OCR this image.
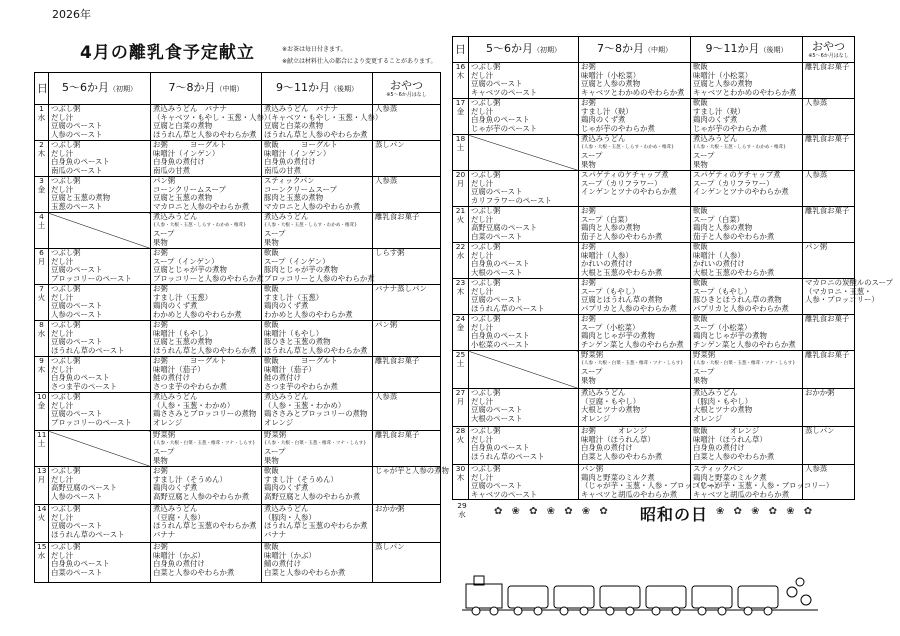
2026年
4月の離乳食予定献立	※お茶は毎日付きます。
※献立は材料仕入の都合により変更することがあります。
日	5～6か月（初期）	7～8か月（中期）	9～11か月（後期）	おやつ
※5～6か月はなし

1
水	つぶし粥
だし汁
豆腐のペースト
人参のペースト	煮込みうどん　バナナ
（キャベツ・もやし・玉葱・人参）
豆腐と白菜の煮物
ほうれん草と人参のやわらか煮	煮込みうどん　バナナ
（キャベツ・もやし・玉葱・人参）
豆腐と白菜の煮物
ほうれん草と人参のやわらか煮	人参蒸

2
木	つぶし粥
だし汁
白身魚のペースト
南瓜のペースト	お粥　　　ヨーグルト
味噌汁（インゲン）
白身魚の煮付け
南瓜の甘煮	軟飯　　　ヨーグルト
味噌汁（インゲン）
白身魚の煮付け
南瓜の甘煮	蒸しパン

3
金	つぶし粥
だし汁
豆腐と玉葱の煮物
玉葱のペースト	パン粥
コーンクリームスープ
豆腐と玉葱の煮物
マカロニと人参のやわらか煮	スティックパン
コーンクリームスープ
豚肉と玉葱の煮物
マカロニと人参のやわらか煮	人参蒸

4
土		煮込みうどん
{人参・大根・玉葱・しらす・わかめ・椎茸}
スープ
果物	煮込みうどん
{人参・大根・玉葱・しらす・わかめ・椎茸}
スープ
果物	離乳食お菓子

6
月	つぶし粥
だし汁
豆腐のペースト
ブロッコリーのペースト	お粥
スープ（インゲン）
豆腐とじゃが芋の煮物
ブロッコリーと人参のやわらか煮	軟飯
スープ（インゲン）
豚肉とじゃが芋の煮物
ブロッコリーと人参のやわらか煮	しらす粥

7
火	つぶし粥
だし汁
豆腐のペースト
人参のペースト	お粥
すまし汁（玉葱）
鶏肉のくず煮
わかめと人参のやわらか煮	軟飯
すまし汁（玉葱）
鶏肉のくず煮
わかめと人参のやわらか煮	バナナ蒸しパン

8
水	つぶし粥
だし汁
豆腐のペースト
ほうれん草のペースト	お粥
味噌汁（もやし）
豆腐と玉葱の煮物
ほうれん草と人参のやわらか煮	軟飯
味噌汁（もやし）
豚ひきと玉葱の煮物
ほうれん草と人参のやわらか煮	パン粥

9
木	つぶし粥
だし汁
白身魚のペースト
さつま芋のペースト	お粥　　　ヨーグルト
味噌汁（茄子）
鮭の煮付け
さつま芋のやわらか煮	軟飯　　　ヨーグルト
味噌汁（茄子）
鮭の煮付け
さつま芋のやわらか煮	離乳食お菓子

10
金	つぶし粥
だし汁
豆腐のペースト
ブロッコリーのペースト	煮込みうどん
（人参・玉葱・わかめ）
鶏ささみとブロッコリーの煮物
オレンジ	煮込みうどん
（人参・玉葱・わかめ）
鶏ささみとブロッコリーの煮物
オレンジ	人参蒸

11
土		野菜粥
{人参・大根・白菜・玉葱・椎茸・ツナ・しらす}
スープ
果物	野菜粥
{人参・大根・白菜・玉葱・椎茸・ツナ・しらす}
スープ
果物	離乳食お菓子

13
月	つぶし粥
だし汁
高野豆腐のペースト
人参のペースト	お粥
すまし汁（そうめん）
鶏肉のくず煮
高野豆腐と人参のやわらか煮	軟飯
すまし汁（そうめん）
鶏肉のくず煮
高野豆腐と人参のやわらか煮	じゃが芋と人参の煮物

14
火	つぶし粥
だし汁
豆腐のペースト
ほうれん草のペースト	煮込みうどん
（豆腐・人参）
ほうれん草と玉葱のやわらか煮
バナナ	煮込みうどん
（豚肉・人参）
ほうれん草と玉葱のやわらか煮
バナナ	おかか粥

15
水	つぶし粥
だし汁
白身魚のペースト
白菜のペースト	お粥
味噌汁（かぶ）
白身魚の煮付け
白菜と人参のやわらか煮	軟飯
味噌汁（かぶ）
鯖の煮付け
白菜と人参のやわらか煮	蒸しパン
日	5～6か月（初期）	7～8か月（中期）	9～11か月（後期）	おやつ
※5～6か月はなし

16
木	つぶし粥
だし汁
豆腐のペースト
キャベツのペースト	お粥
味噌汁（小松菜）
豆腐と人参の煮物
キャベツとわかめのやわらか煮	軟飯
味噌汁（小松菜）
豆腐と人参の煮物
キャベツとわかめのやわらか煮	離乳食お菓子

17
金	つぶし粥
だし汁
白身魚のペースト
じゃが芋のペースト	お粥
すまし汁（麸）
鶏肉のくず煮
じゃが芋のやわらか煮	軟飯
すまし汁（麸）
鶏肉のくず煮
じゃが芋のやわらか煮	人参蒸

18
土		煮込みうどん
{人参・大根・玉葱・しらす・わかめ・椎茸}
スープ
果物	煮込みうどん
{人参・大根・玉葱・しらす・わかめ・椎茸}
スープ
果物	離乳食お菓子

20
月	つぶし粥
だし汁
豆腐のペースト
カリフラワーのペースト	スパゲティのケチャップ煮
スープ（カリフラワー）
インゲンとツナのやわらか煮	スパゲティのケチャップ煮
スープ（カリフラワー）
インゲンとツナのやわらか煮	人参蒸

21
火	つぶし粥
だし汁
高野豆腐のペースト
白菜のペースト	お粥
スープ（白菜）
鶏肉と人参の煮物
茄子と人参のやわらか煮	軟飯
スープ（白菜）
鶏肉と人参の煮物
茄子と人参のやわらか煮	離乳食お菓子

22
水	つぶし粥
だし汁
白身魚のペースト
大根のペースト	お粥
味噌汁（人参）
かれいの煮付け
大根と玉葱のやわらか煮	軟飯
味噌汁（人参）
かれいの煮付け
大根と玉葱のやわらか煮	パン粥

23
木	つぶし粥
だし汁
豆腐のペースト
ほうれん草のペースト	お粥
スープ（もやし）
豆腐とほうれん草の煮物
パプリカと人参のやわらか煮	軟飯
スープ（もやし）
豚ひきとほうれん草の煮物
パプリカと人参のやわらか煮	マカロニの炭酸ルのスープ
（マカロニ・玉葱・
人参・ブロッコリー）

24
金	つぶし粥
だし汁
白身魚のペースト
小松菜のペースト	お粥
スープ（小松菜）
鶏肉とじゃが芋の煮物
チンゲン菜と人参のやわらか煮	軟飯
スープ（小松菜）
鶏肉とじゃが芋の煮物
チンゲン菜と人参のやわらか煮	離乳食お菓子

25
土		野菜粥
{人参・大根・白菜・玉葱・椎茸・ツナ・しらす}
スープ
果物	野菜粥
{人参・大根・白菜・玉葱・椎茸・ツナ・しらす}
スープ
果物	離乳食お菓子

27
月	つぶし粥
だし汁
豆腐のペースト
大根のペースト	煮込みうどん
（豆腐・もやし）
大根とツナの煮物
オレンジ	煮込みうどん
（豚肉・もやし）
大根とツナの煮物
オレンジ	おかか粥

28
火	つぶし粥
だし汁
白身魚のペースト
ほうれん草のペースト	お粥　　　オレンジ
味噌汁（ほうれん草）
白身魚の煮付け
白菜と人参のやわらか煮	軟飯　　　オレンジ
味噌汁（ほうれん草）
白身魚の煮付け
白菜と人参のやわらか煮	蒸しパン

30
木	つぶし粥
だし汁
豆腐のペースト
キャベツのペースト	パン粥
鶏肉と野菜のミルク煮
（じゃが芋・玉葱・人参・ブロッコリー）
キャベツと胡瓜のやわらか煮	スティックパン
鶏肉と野菜のミルク煮
（じゃが芋・玉葱・人参・ブロッコリー）
キャベツと胡瓜のやわらか煮	人参蒸
29
水	✿ ❀ ✿ ❀ ✿ ❀ ✿ 昭和の日 ❀ ✿ ❀ ✿ ❀ ✿
